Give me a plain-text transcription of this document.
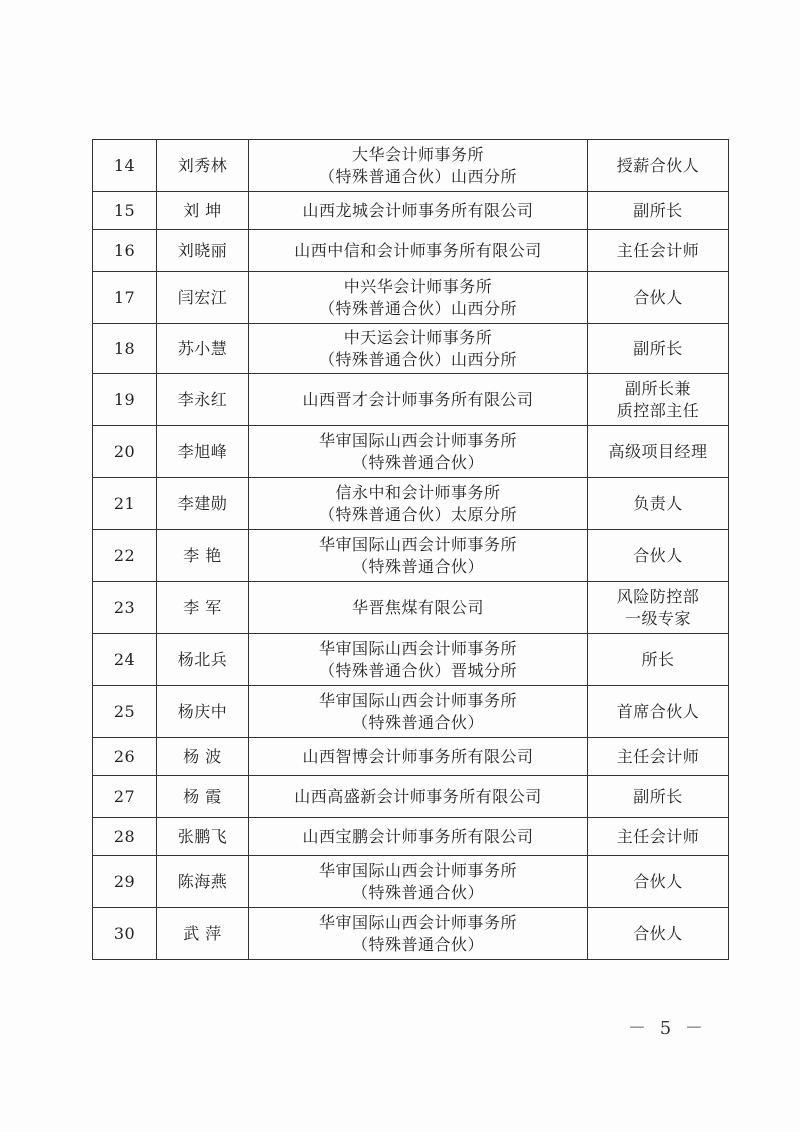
14	刘秀林	大华会计师事务所
（特殊普通合伙）山西分所	授薪合伙人

15	刘 坤	山西龙城会计师事务所有限公司	副所长

16	刘晓丽	山西中信和会计师事务所有限公司	主任会计师

17	闫宏江	中兴华会计师事务所
（特殊普通合伙）山西分所	合伙人

18	苏小慧	中天运会计师事务所
（特殊普通合伙）山西分所	副所长

19	李永红	山西晋才会计师事务所有限公司	副所长兼
质控部主任

20	李旭峰	华审国际山西会计师事务所
（特殊普通合伙）	高级项目经理

21	李建勋	信永中和会计师事务所
（特殊普通合伙）太原分所	负责人

22	李 艳	华审国际山西会计师事务所
（特殊普通合伙）	合伙人

23	李 军	华晋焦煤有限公司	风险防控部
一级专家

24	杨北兵	华审国际山西会计师事务所
（特殊普通合伙）晋城分所	所长

25	杨庆中	华审国际山西会计师事务所
（特殊普通合伙）	首席合伙人

26	杨 波	山西智博会计师事务所有限公司	主任会计师

27	杨 霞	山西高盛新会计师事务所有限公司	副所长

28	张鹏飞	山西宝鹏会计师事务所有限公司	主任会计师

29	陈海燕	华审国际山西会计师事务所
（特殊普通合伙）	合伙人

30	武 萍	华审国际山西会计师事务所
（特殊普通合伙）	合伙人
－ 5 －
